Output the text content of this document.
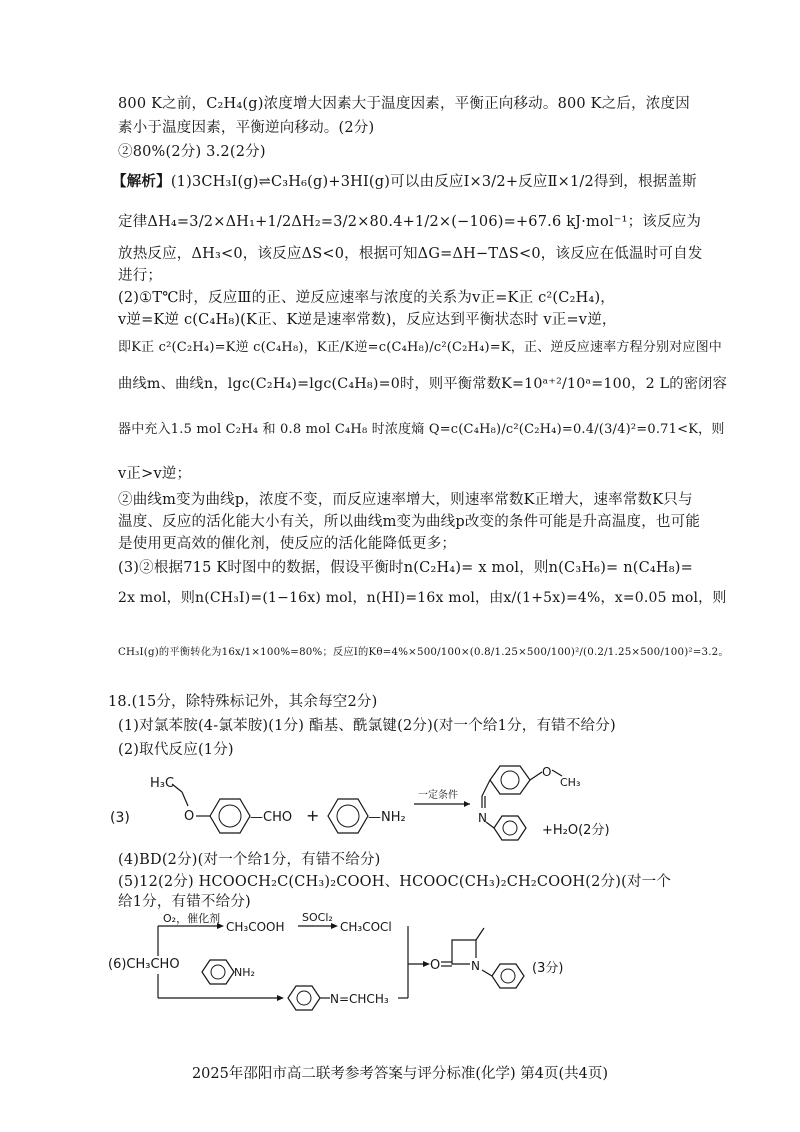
800 K之前，C₂H₄(g)浓度增大因素大于温度因素，平衡正向移动。800 K之后，浓度因
素小于温度因素，平衡逆向移动。(2分)
②80%(2分) 3.2(2分)
【解析】(1)3CH₃I(g)⇌C₃H₆(g)+3HI(g)可以由反应Ⅰ×3/2+反应Ⅱ×1/2得到，根据盖斯
定律ΔH₄=3/2×ΔH₁+1/2ΔH₂=3/2×80.4+1/2×(−106)=+67.6 kJ·mol⁻¹；该反应为
放热反应，ΔH₃<0，该反应ΔS<0，根据可知ΔG=ΔH−TΔS<0，该反应在低温时可自发
进行；
(2)①T℃时，反应Ⅲ的正、逆反应速率与浓度的关系为v正=K正 c²(C₂H₄)，
v逆=K逆 c(C₄H₈)(K正、K逆是速率常数)，反应达到平衡状态时 v正=v逆，
即K正 c²(C₂H₄)=K逆 c(C₄H₈)，K正/K逆=c(C₄H₈)/c²(C₂H₄)=K，正、逆反应速率方程分别对应图中
曲线m、曲线n，lgc(C₂H₄)=lgc(C₄H₈)=0时，则平衡常数K=10ᵃ⁺²/10ᵃ=100，2 L的密闭容
器中充入1.5 mol C₂H₄ 和 0.8 mol C₄H₈ 时浓度熵 Q=c(C₄H₈)/c²(C₂H₄)=0.4/(3/4)²=0.71<K，则
v正>v逆；
②曲线m变为曲线p，浓度不变，而反应速率增大，则速率常数K正增大，速率常数K只与
温度、反应的活化能大小有关，所以曲线m变为曲线p改变的条件可能是升高温度，也可能
是使用更高效的催化剂，使反应的活化能降低更多；
(3)②根据715 K时图中的数据，假设平衡时n(C₂H₄)= x mol，则n(C₃H₆)= n(C₄H₈)=
2x mol，则n(CH₃I)=(1−16x) mol，n(HI)=16x mol，由x/(1+5x)=4%，x=0.05 mol，则
CH₃I(g)的平衡转化为16x/1×100%=80%；反应Ⅰ的Kθ=4%×500/100×(0.8/1.25×500/100)²/(0.2/1.25×500/100)²=3.2。
18.(15分，除特殊标记外，其余每空2分)
(1)对氯苯胺(4-氯苯胺)(1分) 酯基、酰氯键(2分)(对一个给1分，有错不给分)
(2)取代反应(1分)
(3)
H₃C
O	—CHO +	—NH₂
一定条件
O
CH₃
N
+H₂O(2分)
(4)BD(2分)(对一个给1分，有错不给分)
(5)12(2分) HCOOCH₂C(CH₃)₂COOH、HCOOC(CH₃)₂CH₂COOH(2分)(对一个
给1分，有错不给分)
(6)CH₃CHO
O₂，催化剂
CH₃COOH
SOCl₂
CH₃COCl
NH₂
N=CHCH₃
O	N	(3分)
2025年邵阳市高二联考参考答案与评分标准(化学) 第4页(共4页)
